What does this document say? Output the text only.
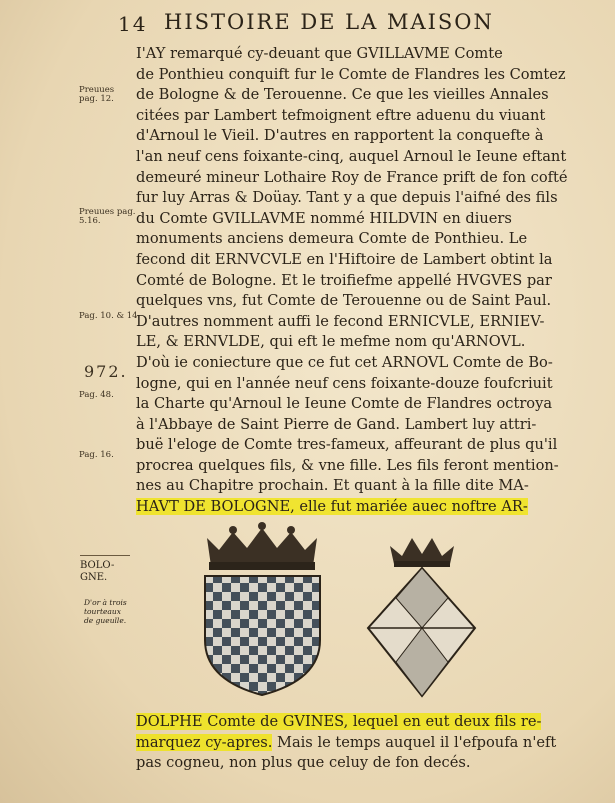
14 HISTOIRE DE LA MAISON
Preuues
pag. 12.
Preuues pag.
5.16.
Pag. 10. & 14.
972.
Pag. 48.
Pag. 16.
I'AY remarqué cy-deuant que GVILLAVME Comte
de Ponthieu conquift fur le Comte de Flandres les Comtez
de Bologne & de Terouenne. Ce que les vieilles Annales
citées par Lambert tefmoignent eftre aduenu du viuant
d'Arnoul le Vieil. D'autres en rapportent la conquefte à
l'an neuf cens foixante-cinq, auquel Arnoul le Ieune eftant
demeuré mineur Lothaire Roy de France prift de fon cofté
fur luy Arras & Doüay. Tant y a que depuis l'aifné des fils
du Comte GVILLAVME nommé HILDVIN en diuers
monuments anciens demeura Comte de Ponthieu. Le
fecond dit ERNVCVLE en l'Hiftoire de Lambert obtint la
Comté de Bologne. Et le troifiefme appellé HVGVES par
quelques vns, fut Comte de Terouenne ou de Saint Paul.
D'autres nomment auffi le fecond ERNICVLE, ERNIEV-
LE, & ERNVLDE, qui eft le mefme nom qu'ARNOVL.
D'où ie coniecture que ce fut cet ARNOVL Comte de Bo-
logne, qui en l'année neuf cens foixante-douze foufcriuit
la Charte qu'Arnoul le Ieune Comte de Flandres octroya
à l'Abbaye de Saint Pierre de Gand. Lambert luy attri-
buë l'eloge de Comte tres-fameux, affeurant de plus qu'il
procrea quelques fils, & vne fille. Les fils feront mention-
nes au Chapitre prochain. Et quant à la fille dite MA-
HAVT DE BOLOGNE, elle fut mariée auec noftre AR-
BOLO-
GNE.
D'or à trois
tourteaux
de gueulle.
DOLPHE Comte de GVINES, lequel en eut deux fils re-
marquez cy-apres. Mais le temps auquel il l'efpoufa n'eft
pas cogneu, non plus que celuy de fon decés.
